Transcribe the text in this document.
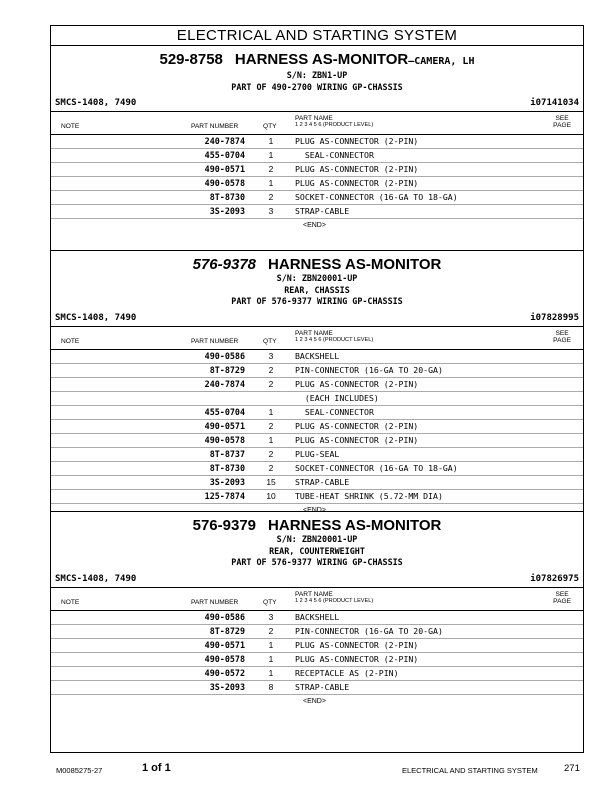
ELECTRICAL AND STARTING SYSTEM
529-8758 HARNESS AS-MONITOR–CAMERA, LH
S/N: ZBN1-UP
PART OF 490-2700 WIRING GP-CHASSIS
SMCS-1408, 7490	i07141034
NOTE	PART NUMBER	QTY
PART NAME
1 2 3 4 5 6 (PRODUCT LEVEL)
SEE
PAGE
240-7874	1	PLUG AS-CONNECTOR (2-PIN)
455-0704	1	SEAL-CONNECTOR
490-0571	2	PLUG AS-CONNECTOR (2-PIN)
490-0578	1	PLUG AS-CONNECTOR (2-PIN)
8T-8730	2	SOCKET-CONNECTOR (16-GA TO 18-GA)
3S-2093	3	STRAP-CABLE
<END>
576-9378 HARNESS AS-MONITOR
S/N: ZBN20001-UP
REAR, CHASSIS
PART OF 576-9377 WIRING GP-CHASSIS
SMCS-1408, 7490	i07828995
NOTE	PART NUMBER	QTY
PART NAME
1 2 3 4 5 6 (PRODUCT LEVEL)
SEE
PAGE
490-0586	3	BACKSHELL
8T-8729	2	PIN-CONNECTOR (16-GA TO 20-GA)
240-7874	2	PLUG AS-CONNECTOR (2-PIN)
(EACH INCLUDES)
455-0704	1	SEAL-CONNECTOR
490-0571	2	PLUG AS-CONNECTOR (2-PIN)
490-0578	1	PLUG AS-CONNECTOR (2-PIN)
8T-8737	2	PLUG-SEAL
8T-8730	2	SOCKET-CONNECTOR (16-GA TO 18-GA)
3S-2093	15	STRAP-CABLE
125-7874	10	TUBE-HEAT SHRINK (5.72-MM DIA)
<END>
576-9379 HARNESS AS-MONITOR
S/N: ZBN20001-UP
REAR, COUNTERWEIGHT
PART OF 576-9377 WIRING GP-CHASSIS
SMCS-1408, 7490	i07826975
NOTE	PART NUMBER	QTY
PART NAME
1 2 3 4 5 6 (PRODUCT LEVEL)
SEE
PAGE
490-0586	3	BACKSHELL
8T-8729	2	PIN-CONNECTOR (16-GA TO 20-GA)
490-0571	1	PLUG AS-CONNECTOR (2-PIN)
490-0578	1	PLUG AS-CONNECTOR (2-PIN)
490-0572	1	RECEPTACLE AS (2-PIN)
3S-2093	8	STRAP-CABLE
<END>
M0085275-27	1 of 1	ELECTRICAL AND STARTING SYSTEM	271
